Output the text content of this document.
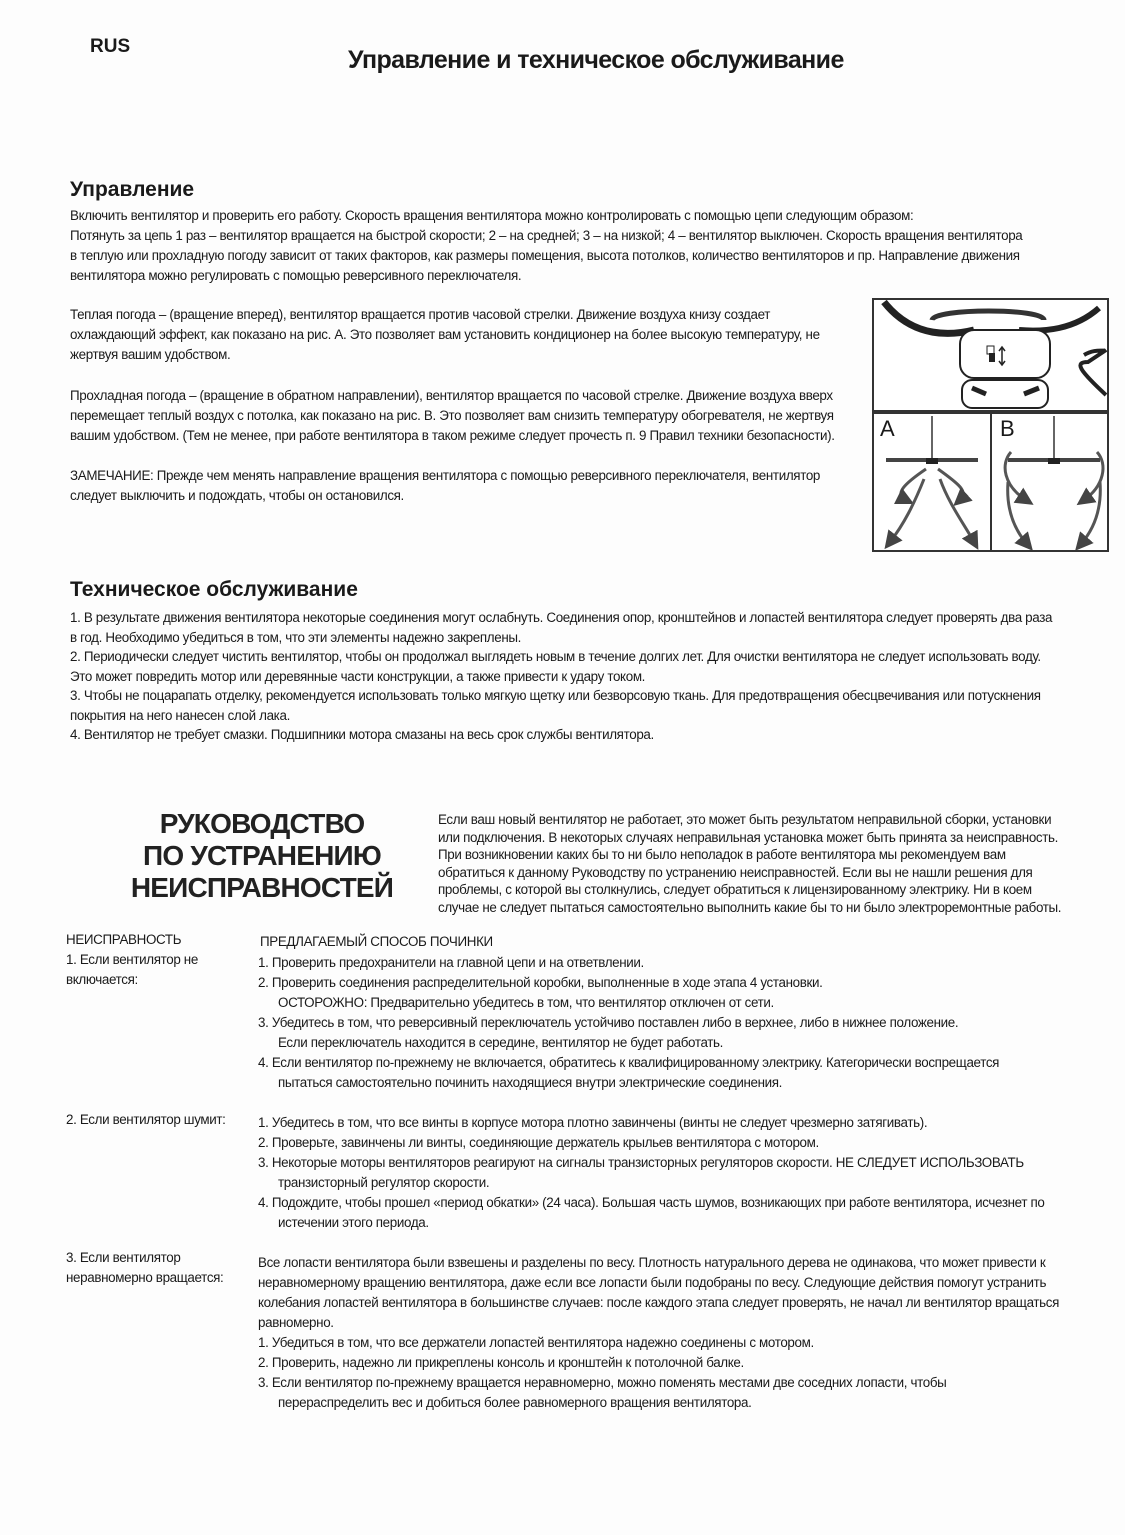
RUS	Управление и техническое обслуживание
Управление
Включить вентилятор и проверить его работу. Скорость вращения вентилятора можно контролировать с помощью цепи следующим образом:
Потянуть за цепь 1 раз – вентилятор вращается на быстрой скорости; 2 – на средней; 3 – на низкой; 4 – вентилятор выключен. Скорость вращения вентилятора
в теплую или прохладную погоду зависит от таких факторов, как размеры помещения, высота потолков, количество вентиляторов и пр. Направление движения
вентилятора можно регулировать с помощью реверсивного переключателя.
Теплая погода – (вращение вперед), вентилятор вращается против часовой стрелки. Движение воздуха книзу создает
охлаждающий эффект, как показано на рис. А. Это позволяет вам установить кондиционер на более высокую температуру, не
жертвуя вашим удобством.
Прохладная погода – (вращение в обратном направлении), вентилятор вращается по часовой стрелке. Движение воздуха вверх
перемещает теплый воздух с потолка, как показано на рис. В. Это позволяет вам снизить температуру обогревателя, не жертвуя
вашим удобством. (Тем не менее, при работе вентилятора в таком режиме следует прочесть п. 9 Правил техники безопасности).
ЗАМЕЧАНИЕ: Прежде чем менять направление вращения вентилятора с помощью реверсивного переключателя, вентилятор
следует выключить и подождать, чтобы он остановился.
A	B
Техническое обслуживание
1. В результате движения вентилятора некоторые соединения могут ослабнуть. Соединения опор, кронштейнов и лопастей вентилятора следует проверять два раза
в год. Необходимо убедиться в том, что эти элементы надежно закреплены.
2. Периодически следует чистить вентилятор, чтобы он продолжал выглядеть новым в течение долгих лет. Для очистки вентилятора не следует использовать воду.
Это может повредить мотор или деревянные части конструкции, а также привести к удару током.
3. Чтобы не поцарапать отделку, рекомендуется использовать только мягкую щетку или безворсовую ткань. Для предотвращения обесцвечивания или потускнения
покрытия на него нанесен слой лака.
4. Вентилятор не требует смазки. Подшипники мотора смазаны на весь срок службы вентилятора.
РУКОВОДСТВО
ПО УСТРАНЕНИЮ
НЕИСПРАВНОСТЕЙ
Если ваш новый вентилятор не работает, это может быть результатом неправильной сборки, установки
или подключения. В некоторых случаях неправильная установка может быть принята за неисправность.
При возникновении каких бы то ни было неполадок в работе вентилятора мы рекомендуем вам
обратиться к данному Руководству по устранению неисправностей. Если вы не нашли решения для
проблемы, с которой вы столкнулись, следует обратиться к лицензированному электрику. Ни в коем
случае не следует пытаться самостоятельно выполнить какие бы то ни было электроремонтные работы.
НЕИСПРАВНОСТЬ	ПРЕДЛАГАЕМЫЙ СПОСОБ ПОЧИНКИ
1. Если вентилятор не
включается:
1. Проверить предохранители на главной цепи и на ответвлении.
2. Проверить соединения распределительной коробки, выполненные в ходе этапа 4 установки.
ОСТОРОЖНО: Предварительно убедитесь в том, что вентилятор отключен от сети.
3. Убедитесь в том, что реверсивный переключатель устойчиво поставлен либо в верхнее, либо в нижнее положение.
Если переключатель находится в середине, вентилятор не будет работать.
4. Если вентилятор по-прежнему не включается, обратитесь к квалифицированному электрику. Категорически воспрещается
пытаться самостоятельно починить находящиеся внутри электрические соединения.
2. Если вентилятор шумит: 1. Убедитесь в том, что все винты в корпусе мотора плотно завинчены (винты не следует чрезмерно затягивать).
2. Проверьте, завинчены ли винты, соединяющие держатель крыльев вентилятора с мотором.
3. Некоторые моторы вентиляторов реагируют на сигналы транзисторных регуляторов скорости. НЕ СЛЕДУЕТ ИСПОЛЬЗОВАТЬ
транзисторный регулятор скорости.
4. Подождите, чтобы прошел «период обкатки» (24 часа). Большая часть шумов, возникающих при работе вентилятора, исчезнет по
истечении этого периода.
3. Если вентилятор
неравномерно вращается:
Все лопасти вентилятора были взвешены и разделены по весу. Плотность натурального дерева не одинакова, что может привести к
неравномерному вращению вентилятора, даже если все лопасти были подобраны по весу. Следующие действия помогут устранить
колебания лопастей вентилятора в большинстве случаев: после каждого этапа следует проверять, не начал ли вентилятор вращаться
равномерно.
1. Убедиться в том, что все держатели лопастей вентилятора надежно соединены с мотором.
2. Проверить, надежно ли прикреплены консоль и кронштейн к потолочной балке.
3. Если вентилятор по-прежнему вращается неравномерно, можно поменять местами две соседних лопасти, чтобы
перераспределить вес и добиться более равномерного вращения вентилятора.
